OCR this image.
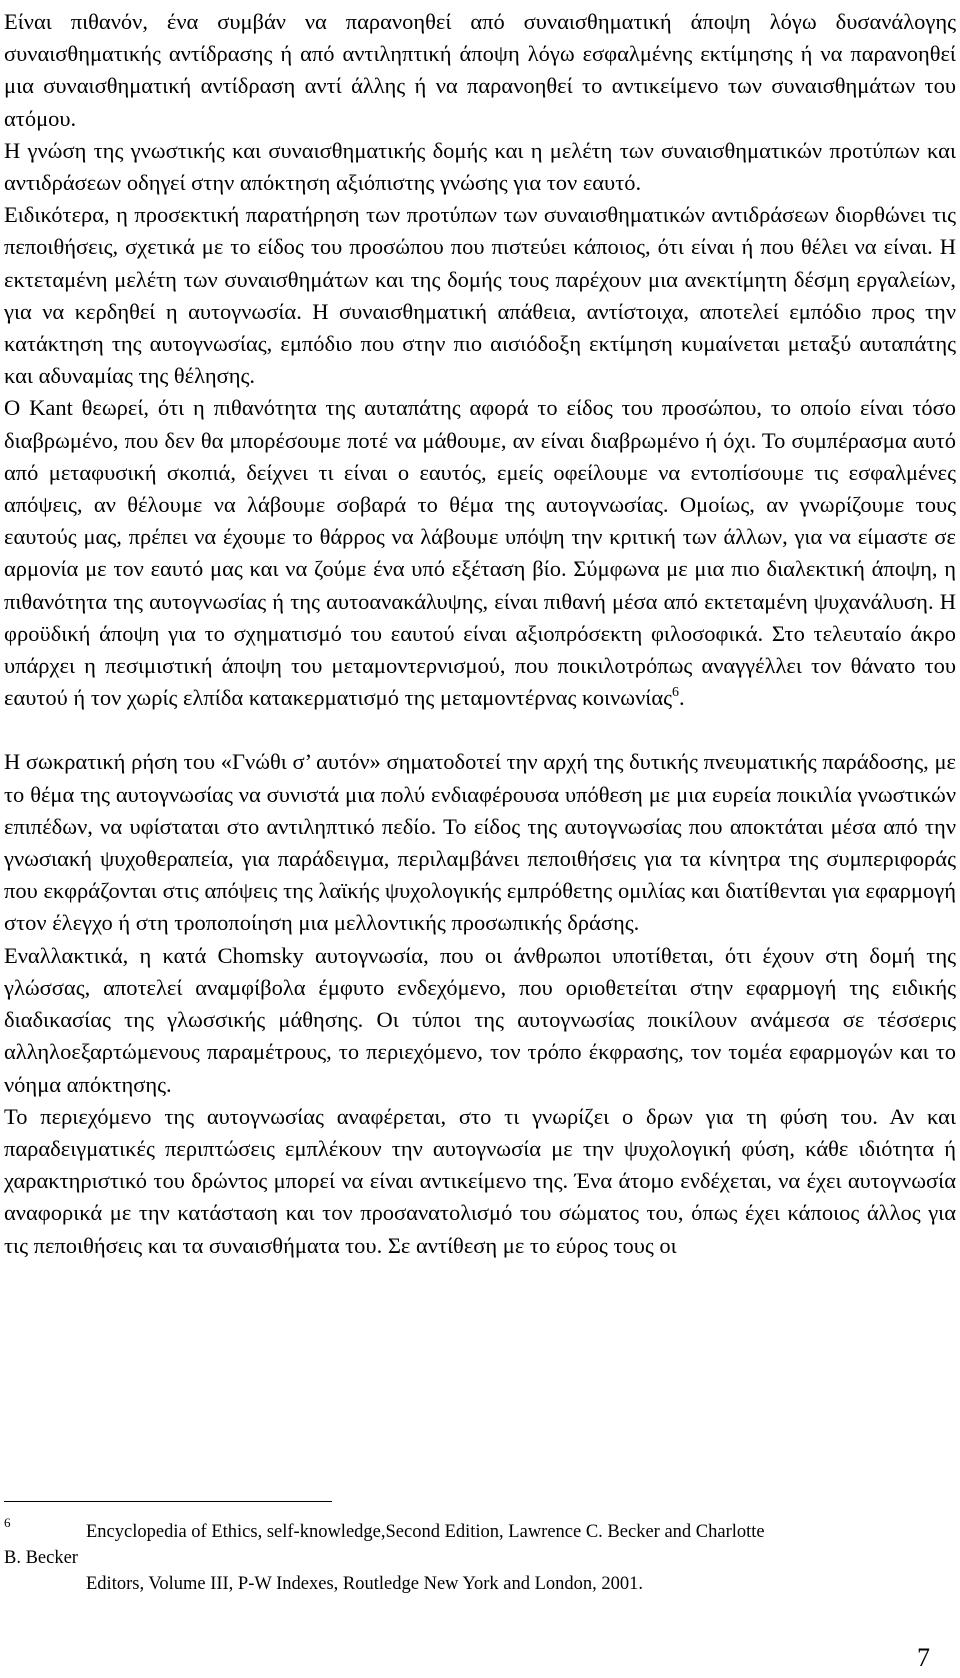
Είναι πιθανόν, ένα συμβάν να παρανοηθεί από συναισθηματική άποψη λόγω δυσανάλογης συναισθηματικής αντίδρασης ή από αντιληπτική άποψη λόγω εσφαλμένης εκτίμησης ή να παρανοηθεί μια συναισθηματική αντίδραση αντί άλλης ή να παρανοηθεί το αντικείμενο των συναισθημάτων του ατόμου.

Η γνώση της γνωστικής και συναισθηματικής δομής και η μελέτη των συναισθηματικών προτύπων και αντιδράσεων οδηγεί στην απόκτηση αξιόπιστης γνώσης για τον εαυτό.

Ειδικότερα, η προσεκτική παρατήρηση των προτύπων των συναισθηματικών αντιδράσεων διορθώνει τις πεποιθήσεις, σχετικά με το είδος του προσώπου που πιστεύει κάποιος, ότι είναι ή που θέλει να είναι. Η εκτεταμένη μελέτη των συναισθημάτων και της δομής τους παρέχουν μια ανεκτίμητη δέσμη εργαλείων, για να κερδηθεί η αυτογνωσία. Η συναισθηματική απάθεια, αντίστοιχα, αποτελεί εμπόδιο προς την κατάκτηση της αυτογνωσίας, εμπόδιο που στην πιο αισιόδοξη εκτίμηση κυμαίνεται μεταξύ αυταπάτης και αδυναμίας της θέλησης.

Ο Kant θεωρεί, ότι η πιθανότητα της αυταπάτης αφορά το είδος του προσώπου, το οποίο είναι τόσο διαβρωμένο, που δεν θα μπορέσουμε ποτέ να μάθουμε, αν είναι διαβρωμένο ή όχι. Το συμπέρασμα αυτό από μεταφυσική σκοπιά, δείχνει τι είναι ο εαυτός, εμείς οφείλουμε να εντοπίσουμε τις εσφαλμένες απόψεις, αν θέλουμε να λάβουμε σοβαρά το θέμα της αυτογνωσίας. Ομοίως, αν γνωρίζουμε τους εαυτούς μας, πρέπει να έχουμε το θάρρος να λάβουμε υπόψη την κριτική των άλλων, για να είμαστε σε αρμονία με τον εαυτό μας και να ζούμε ένα υπό εξέταση βίο. Σύμφωνα με μια πιο διαλεκτική άποψη, η πιθανότητα της αυτογνωσίας ή της αυτοανακάλυψης, είναι πιθανή μέσα από εκτεταμένη ψυχανάλυση. Η φροϋδική άποψη για το σχηματισμό του εαυτού είναι αξιοπρόσεκτη φιλοσοφικά. Στο τελευταίο άκρο υπάρχει η πεσιμιστική άποψη του μεταμοντερνισμού, που ποικιλοτρόπως αναγγέλλει τον θάνατο του εαυτού ή τον χωρίς ελπίδα κατακερματισμό της μεταμοντέρνας κοινωνίας$^6$.

Η σωκρατική ρήση του «Γνώθι σ’ αυτόν» σηματοδοτεί την αρχή της δυτικής πνευματικής παράδοσης, με το θέμα της αυτογνωσίας να συνιστά μια πολύ ενδιαφέρουσα υπόθεση με μια ευρεία ποικιλία γνωστικών επιπέδων, να υφίσταται στο αντιληπτικό πεδίο. Το είδος της αυτογνωσίας που αποκτάται μέσα από την γνωσιακή ψυχοθεραπεία, για παράδειγμα, περιλαμβάνει πεποιθήσεις για τα κίνητρα της συμπεριφοράς που εκφράζονται στις απόψεις της λαϊκής ψυχολογικής εμπρόθετης ομιλίας και διατίθενται για εφαρμογή στον έλεγχο ή στη τροποποίηση μια μελλοντικής προσωπικής δράσης.

Εναλλακτικά, η κατά Chomsky αυτογνωσία, που οι άνθρωποι υποτίθεται, ότι έχουν στη δομή της γλώσσας, αποτελεί αναμφίβολα έμφυτο ενδεχόμενο, που οριοθετείται στην εφαρμογή της ειδικής διαδικασίας της γλωσσικής μάθησης. Οι τύποι της αυτογνωσίας ποικίλουν ανάμεσα σε τέσσερις αλληλοεξαρτώμενους παραμέτρους, το περιεχόμενο, τον τρόπο έκφρασης, τον τομέα εφαρμογών και το νόημα απόκτησης.

Το περιεχόμενο της αυτογνωσίας αναφέρεται, στο τι γνωρίζει ο δρων για τη φύση του. Αν και παραδειγματικές περιπτώσεις εμπλέκουν την αυτογνωσία με την ψυχολογική φύση, κάθε ιδιότητα ή χαρακτηριστικό του δρώντος μπορεί να είναι αντικείμενο της. Ένα άτομο ενδέχεται, να έχει αυτογνωσία αναφορικά με την κατάσταση και τον προσανατολισμό του σώματος του, όπως έχει κάποιος άλλος για τις πεποιθήσεις και τα συναισθήματα του. Σε αντίθεση με το εύρος τους οι

6	Encyclopedia of Ethics, self-knowledge,Second Edition, Lawrence C. Becker and Charlotte
B. Becker
Editors, Volume III, P-W Indexes, Routledge New York and London, 2001.
7
